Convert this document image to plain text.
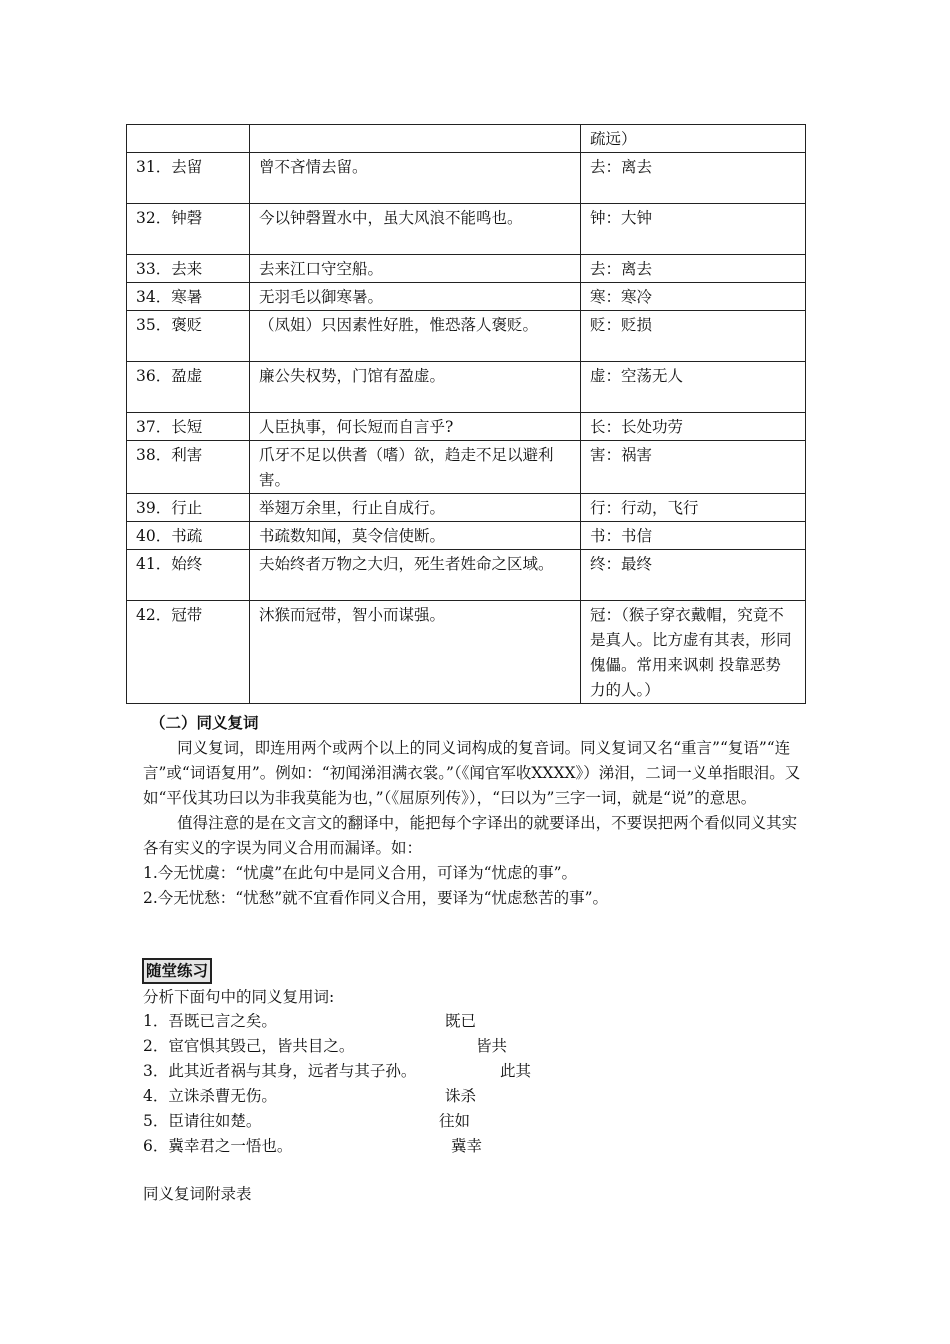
		疏远）
31．去留	曾不吝情去留。	去：离去
32．钟磬	今以钟磬置水中，虽大风浪不能鸣也。	钟：大钟
33．去来	去来江口守空船。	去：离去
34．寒暑	无羽毛以御寒暑。	寒：寒冷
35．褒贬	（凤姐）只因素性好胜，惟恐落人褒贬。	贬：贬损
36．盈虚	廉公失权势，门馆有盈虚。	虚：空荡无人
37．长短	人臣执事，何长短而自言乎?	长：长处功劳
38．利害	爪牙不足以供耆（嗜）欲，趋走不足以避利害。	害：祸害
39．行止	举翅万余里，行止自成行。	行：行动，飞行
40．书疏	书疏数知闻，莫令信使断。	书：书信
41．始终	夫始终者万物之大归，死生者姓命之区域。	终：最终
42．冠带	沐猴而冠带，智小而谋强。	冠：（猴子穿衣戴帽，究竟不是真人。比方虚有其表，形同傀儡。常用来讽刺 投靠恶势力的人。）
（二）同义复词

同义复词，即连用两个或两个以上的同义词构成的复音词。同义复词又名“重言”“复语”“连言”或“词语复用”。例如：“初闻涕泪满衣裳。”（《闻官军收XXXX》）涕泪，二词一义单指眼泪。又如“平伐其功曰以为非我莫能为也，”（《屈原列传》），“曰以为”三字一词，就是“说”的意思。

值得注意的是在文言文的翻译中，能把每个字译出的就要译出，不要误把两个看似同义其实各有实义的字误为同义合用而漏译。如：

1.今无忧虞：“忧虞”在此句中是同义合用，可译为“忧虑的事”。

2.今无忧愁：“忧愁”就不宜看作同义合用，要译为“忧虑愁苦的事”。

随堂练习
分析下面句中的同义复用词:
1．吾既已言之矣。	既已
2．宦官惧其毁己，皆共目之。	皆共
3．此其近者祸与其身，远者与其子孙。	此其
4．立诛杀曹无伤。	诛杀
5．臣请往如楚。	往如
6．冀幸君之一悟也。	冀幸
同义复词附录表
